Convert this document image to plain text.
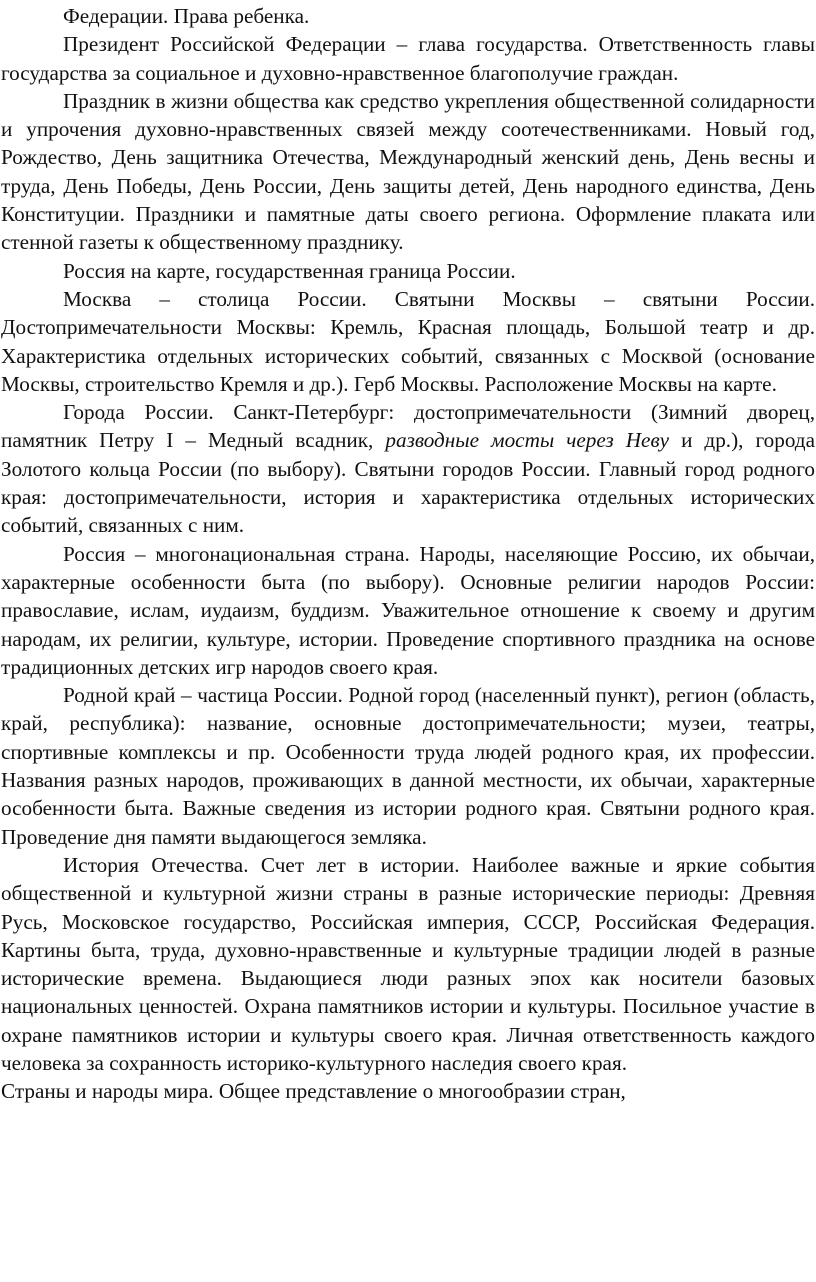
Федерации. Права ребенка.

Президент Российской Федерации – глава государства. Ответственность главы государства за социальное и духовно-нравственное благополучие граждан.

Праздник в жизни общества как средство укрепления общественной солидарности и упрочения духовно-нравственных связей между соотечественниками. Новый год, Рождество, День защитника Отечества, Международный женский день, День весны и труда, День Победы, День России, День защиты детей, День народного единства, День Конституции. Праздники и памятные даты своего региона. Оформление плаката или стенной газеты к общественному празднику.

Россия на карте, государственная граница России.

Москва – столица России. Святыни Москвы – святыни России. Достопримечательности Москвы: Кремль, Красная площадь, Большой театр и др. Характеристика отдельных исторических событий, связанных с Москвой (основание Москвы, строительство Кремля и др.). Герб Москвы. Расположение Москвы на карте.

Города России. Санкт-Петербург: достопримечательности (Зимний дворец, памятник Петру I – Медный всадник, разводные мосты через Неву и др.), города Золотого кольца России (по выбору). Святыни городов России. Главный город родного края: достопримечательности, история и характеристика отдельных исторических событий, связанных с ним.

Россия – многонациональная страна. Народы, населяющие Россию, их обычаи, характерные особенности быта (по выбору). Основные религии народов России: православие, ислам, иудаизм, буддизм. Уважительное отношение к своему и другим народам, их религии, культуре, истории. Проведение спортивного праздника на основе традиционных детских игр народов своего края.

Родной край – частица России. Родной город (населенный пункт), регион (область, край, республика): название, основные достопримечательности; музеи, театры, спортивные комплексы и пр. Особенности труда людей родного края, их профессии. Названия разных народов, проживающих в данной местности, их обычаи, характерные особенности быта. Важные сведения из истории родного края. Святыни родного края. Проведение дня памяти выдающегося земляка.

История Отечества. Счет лет в истории. Наиболее важные и яркие события общественной и культурной жизни страны в разные исторические периоды: Древняя Русь, Московское государство, Российская империя, СССР, Российская Федерация. Картины быта, труда, духовно-нравственные и культурные традиции людей в разные исторические времена. Выдающиеся люди разных эпох как носители базовых национальных ценностей. Охрана памятников истории и культуры. Посильное участие в охране памятников истории и культуры своего края. Личная ответственность каждого человека за сохранность историко-культурного наследия своего края.

Страны и народы мира. Общее представление о многообразии стран,
